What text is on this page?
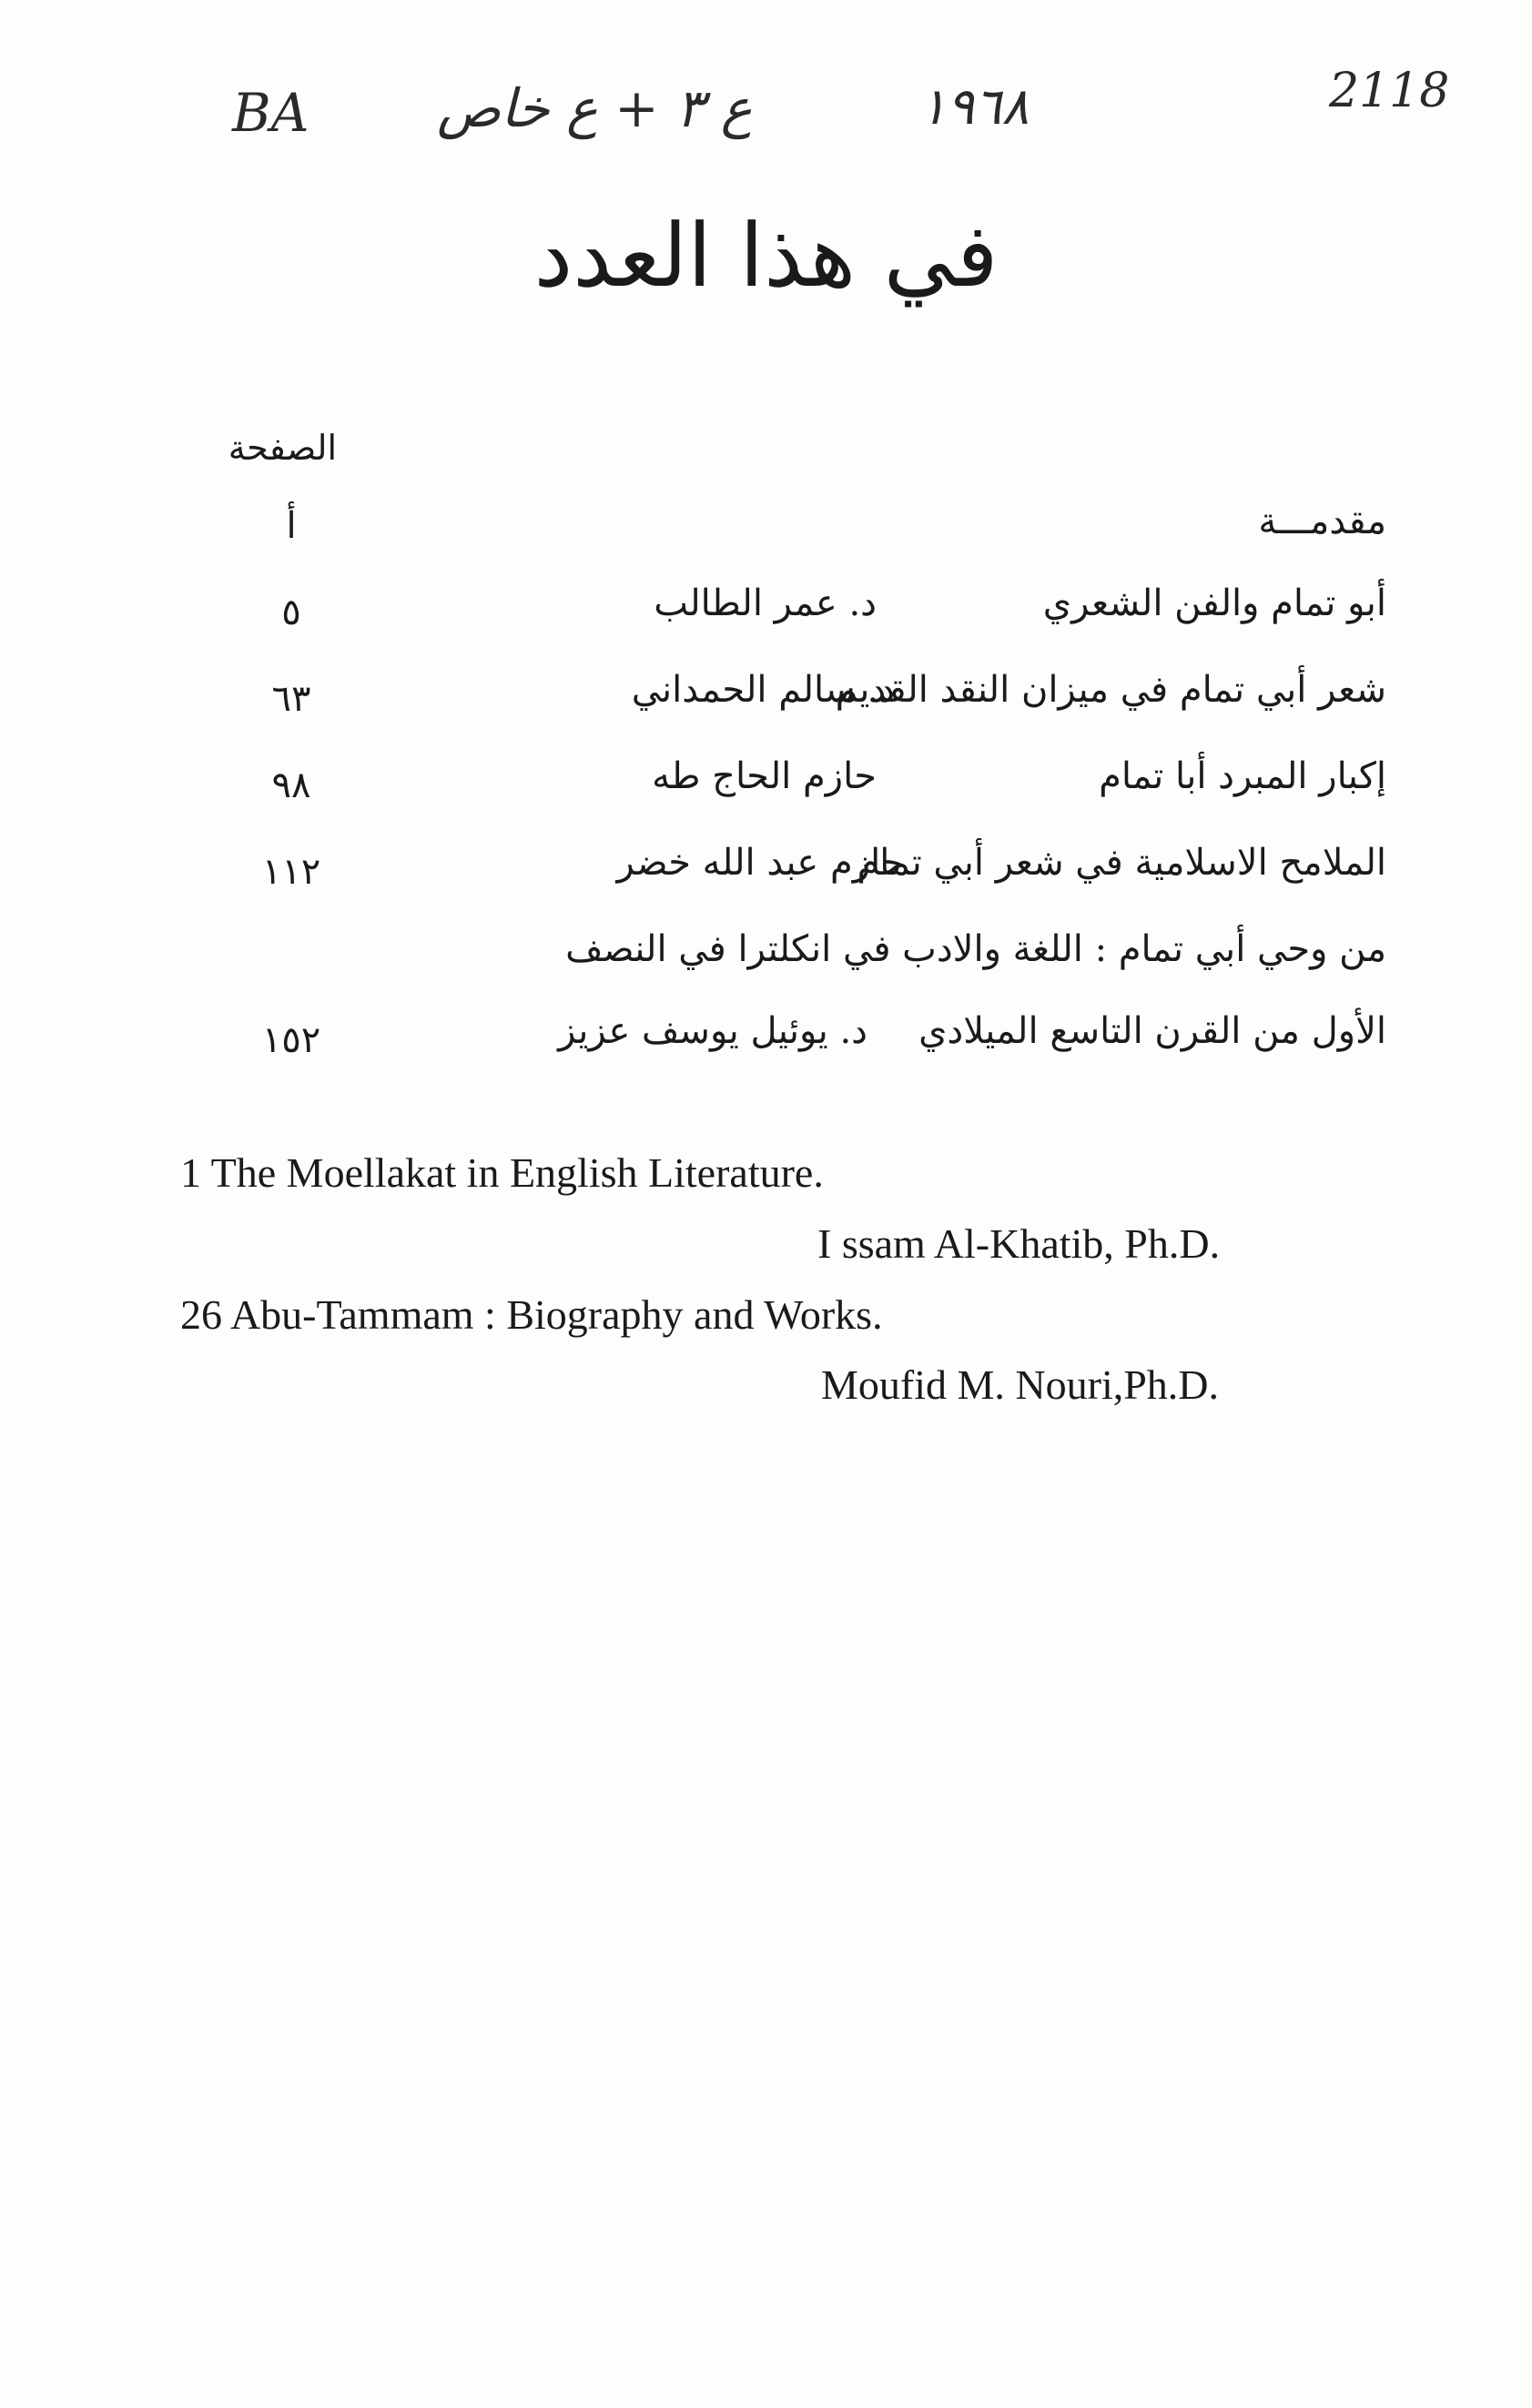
BA ع ٣ + ع خاص	١٩٦٨	2118
في هذا العدد
الصفحة
مقدمـــة
أ
أبو تمام والفن الشعري
د. عمر الطالب
٥
شعر أبي تمام في ميزان النقد القديم
د. سالم الحمداني
٦٣
إكبار المبرد أبا تمام
حازم الحاج طه
٩٨
الملامح الاسلامية في شعر أبي تمام
حازم عبد الله خضر
١١٢
من وحي أبي تمام : اللغة والادب في انكلترا في النصف
الأول من القرن التاسع الميلادي
د. يوئيل يوسف عزيز
١٥٢
1 The Moellakat in English Literature.
I ssam Al-Khatib, Ph.D.
26 Abu-Tammam : Biography and Works.
Moufid M. Nouri,Ph.D.
